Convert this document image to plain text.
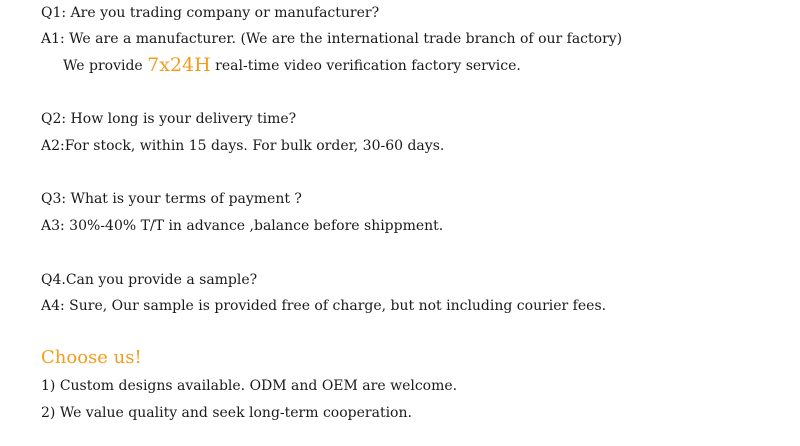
Q1: Are you trading company or manufacturer?
A1: We are a manufacturer. (We are the international trade branch of our factory)
We provide 7x24H real-time video verification factory service.
Q2: How long is your delivery time?
A2:For stock, within 15 days. For bulk order, 30-60 days.
Q3: What is your terms of payment ?
A3: 30%-40% T/T in advance ,balance before shippment.
Q4.Can you provide a sample?
A4: Sure, Our sample is provided free of charge, but not including courier fees.
Choose us!
1) Custom designs available. ODM and OEM are welcome.
2) We value quality and seek long-term cooperation.
